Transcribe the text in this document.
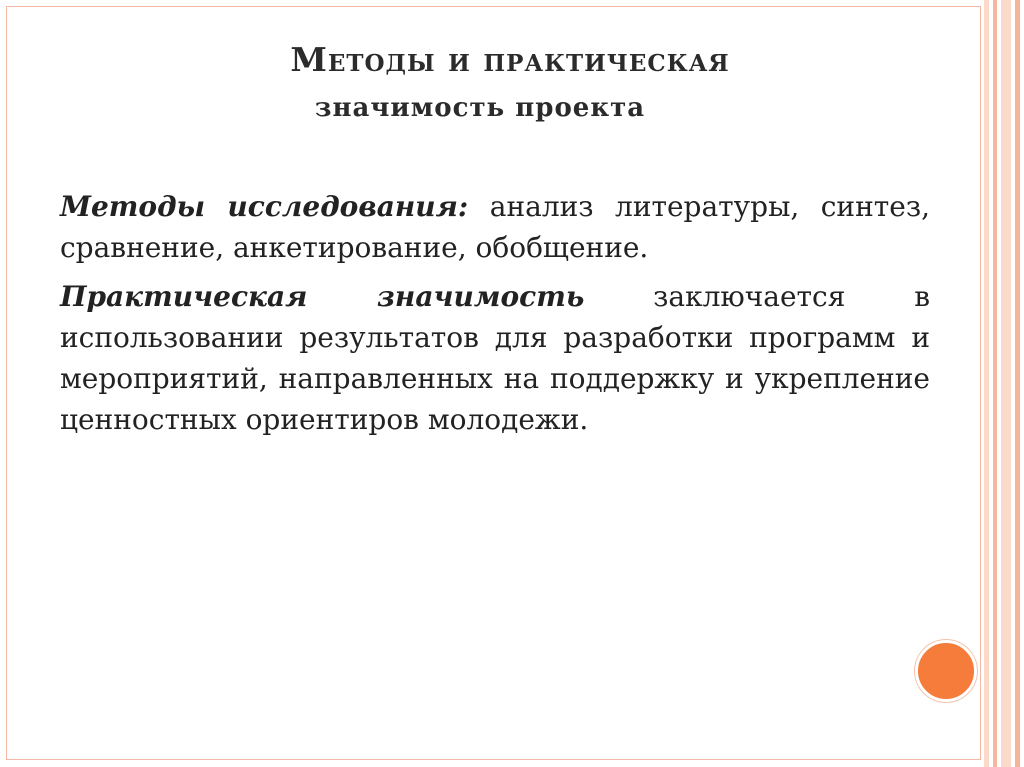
Методы и практическая
значимость проекта

Методы исследования: анализ литературы, синтез, сравнение, анкетирование, обобщение.

Практическая значимость заключается в использовании результатов для разработки программ и мероприятий, направленных на поддержку и укрепление ценностных ориентиров молодежи.
